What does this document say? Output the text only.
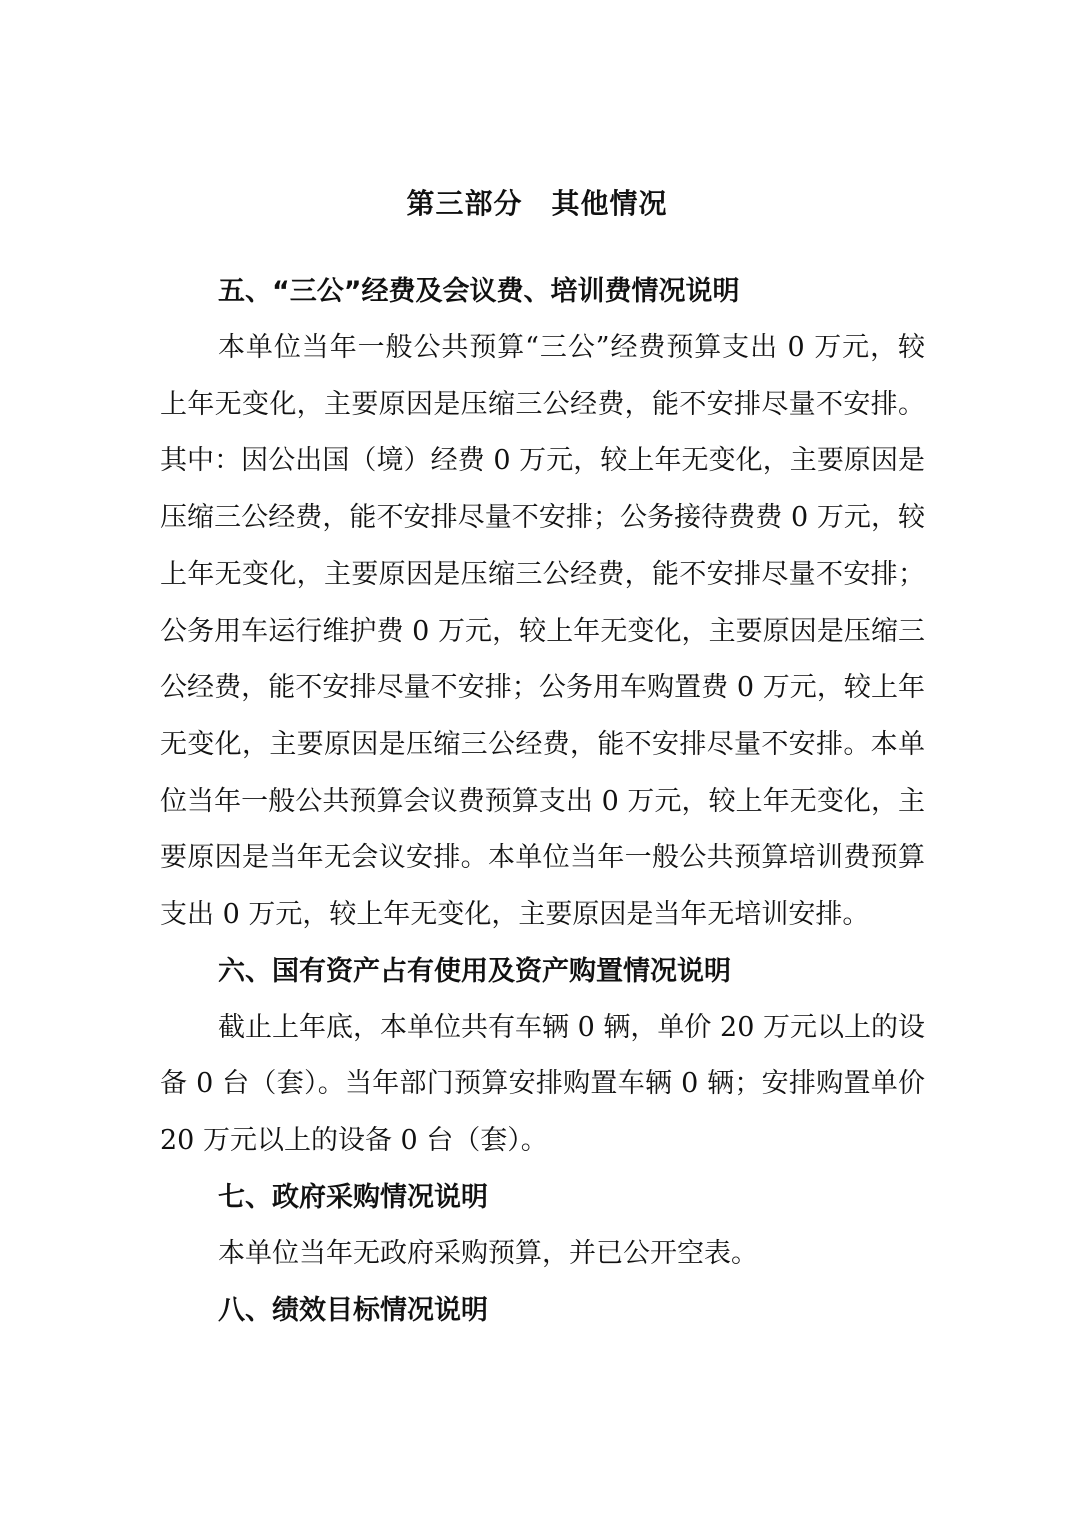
第三部分　其他情况
五、“三公”经费及会议费、培训费情况说明

本单位当年一般公共预算“三公”经费预算支出 0 万元，较上年无变化，主要原因是压缩三公经费，能不安排尽量不安排。其中：因公出国（境）经费 0 万元，较上年无变化，主要原因是压缩三公经费，能不安排尽量不安排；公务接待费费 0 万元，较上年无变化，主要原因是压缩三公经费，能不安排尽量不安排；公务用车运行维护费 0 万元，较上年无变化，主要原因是压缩三公经费，能不安排尽量不安排；公务用车购置费 0 万元，较上年无变化，主要原因是压缩三公经费，能不安排尽量不安排。本单位当年一般公共预算会议费预算支出 0 万元，较上年无变化，主要原因是当年无会议安排。本单位当年一般公共预算培训费预算支出 0 万元，较上年无变化，主要原因是当年无培训安排。

六、国有资产占有使用及资产购置情况说明

截止上年底，本单位共有车辆 0 辆，单价 20 万元以上的设备 0 台（套）。当年部门预算安排购置车辆 0 辆；安排购置单价 20 万元以上的设备 0 台（套）。

七、政府采购情况说明

本单位当年无政府采购预算，并已公开空表。

八、绩效目标情况说明
